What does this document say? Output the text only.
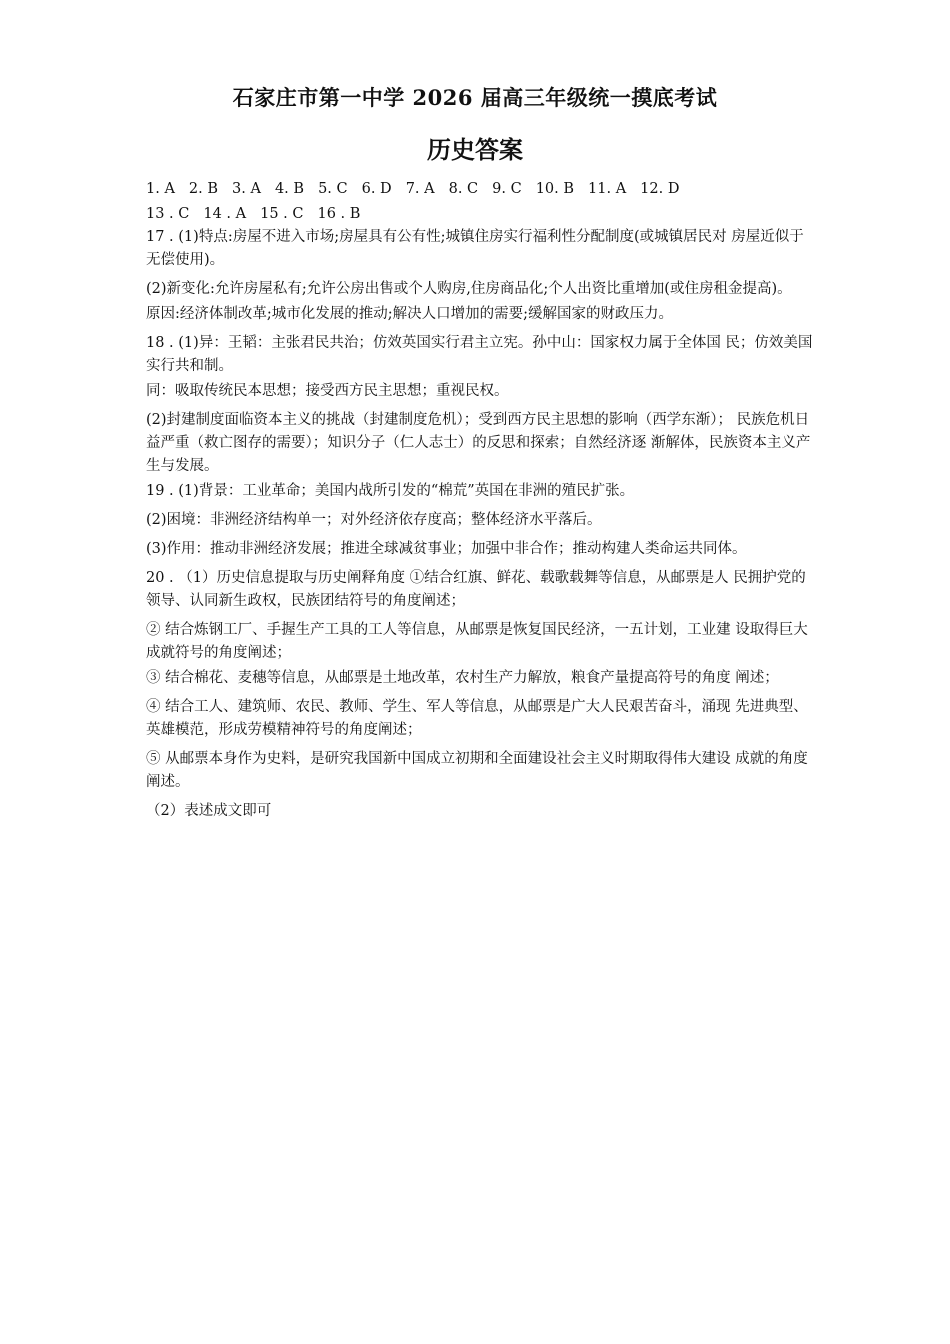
石家庄市第一中学 2026 届高三年级统一摸底考试
历史答案
1. A 2. B 3. A 4. B 5. C 6. D 7. A 8. C 9. C 10. B 11. A 12. D
13 . C 14 . A 15 . C 16 . B

17 . (1)特点:房屋不进入市场;房屋具有公有性;城镇住房实行福利性分配制度(或城镇居民对 房屋近似于无偿使用)。

(2)新变化:允许房屋私有;允许公房出售或个人购房,住房商品化;个人出资比重增加(或住房租金提高)。

原因:经济体制改革;城市化发展的推动;解决人口增加的需要;缓解国家的财政压力。

18 . (1)异：王韬：主张君民共治；仿效英国实行君主立宪。孙中山：国家权力属于全体国 民；仿效美国实行共和制。

同：吸取传统民本思想；接受西方民主思想；重视民权。

(2)封建制度面临资本主义的挑战（封建制度危机）；受到西方民主思想的影响（西学东渐）； 民族危机日益严重（救亡图存的需要）；知识分子（仁人志士）的反思和探索；自然经济逐 渐解体，民族资本主义产生与发展。

19 . (1)背景：工业革命；美国内战所引发的“棉荒”英国在非洲的殖民扩张。

(2)困境：非洲经济结构单一；对外经济依存度高；整体经济水平落后。

(3)作用：推动非洲经济发展；推进全球减贫事业；加强中非合作；推动构建人类命运共同体。

20 . （1）历史信息提取与历史阐释角度 ①结合红旗、鲜花、载歌载舞等信息，从邮票是人 民拥护党的领导、认同新生政权，民族团结符号的角度阐述；

② 结合炼钢工厂、手握生产工具的工人等信息，从邮票是恢复国民经济，一五计划，工业建 设取得巨大成就符号的角度阐述；

③ 结合棉花、麦穗等信息，从邮票是土地改革，农村生产力解放，粮食产量提高符号的角度 阐述；

④ 结合工人、建筑师、农民、教师、学生、军人等信息，从邮票是广大人民艰苦奋斗，涌现 先进典型、英雄模范，形成劳模精神符号的角度阐述；

⑤ 从邮票本身作为史料，是研究我国新中国成立初期和全面建设社会主义时期取得伟大建设 成就的角度阐述。

（2）表述成文即可
